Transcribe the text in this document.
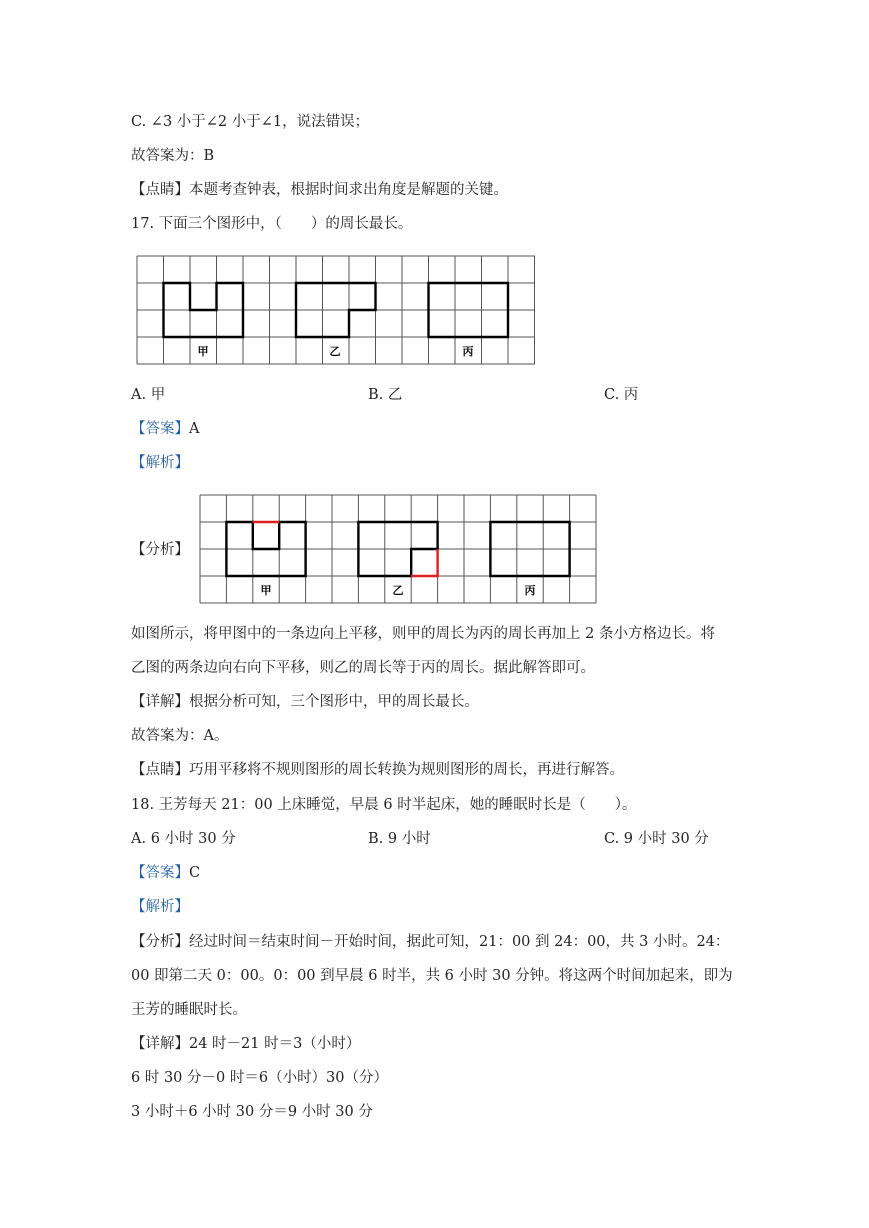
C. ∠3 小于∠2 小于∠1，说法错误；
故答案为：B
【点睛】本题考查钟表，根据时间求出角度是解题的关键。
17. 下面三个图形中，（　　）的周长最长。
甲	乙	丙
A. 甲	B. 乙	C. 丙
【答案】A
【解析】
【分析】
甲	乙	丙
如图所示，将甲图中的一条边向上平移，则甲的周长为丙的周长再加上 2 条小方格边长。将
乙图的两条边向右向下平移，则乙的周长等于丙的周长。据此解答即可。
【详解】根据分析可知，三个图形中，甲的周长最长。
故答案为：A。
【点睛】巧用平移将不规则图形的周长转换为规则图形的周长，再进行解答。
18. 王芳每天 21：00 上床睡觉，早晨 6 时半起床，她的睡眠时长是（　　）。
A. 6 小时 30 分	B. 9 小时	C. 9 小时 30 分
【答案】C
【解析】
【分析】经过时间＝结束时间－开始时间，据此可知，21：00 到 24：00，共 3 小时。24：
00 即第二天 0：00。0：00 到早晨 6 时半，共 6 小时 30 分钟。将这两个时间加起来，即为
王芳的睡眠时长。
【详解】24 时－21 时＝3（小时）
6 时 30 分－0 时＝6（小时）30（分）
3 小时＋6 小时 30 分＝9 小时 30 分
